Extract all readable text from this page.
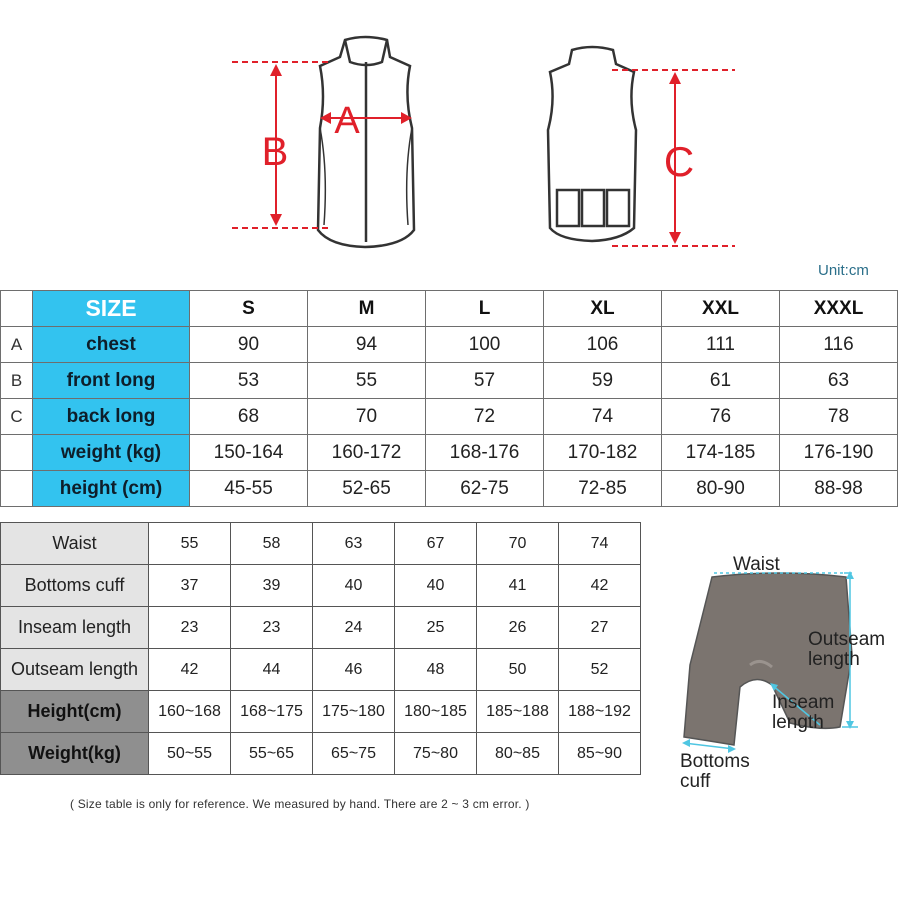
B
A
C
Unit:cm
	SIZE	S	M	L	XL	XXL	XXXL
A	chest	90	94	100	106	111	116
B	front long	53	55	57	59	61	63
C	back long	68	70	72	74	76	78
	weight (kg)	150-164	160-172	168-176	170-182	174-185	176-190
	height (cm)	45-55	52-65	62-75	72-85	80-90	88-98
Waist	55	58	63	67	70	74
Bottoms cuff	37	39	40	40	41	42
Inseam length	23	23	24	25	26	27
Outseam length	42	44	46	48	50	52
Height(cm)	160~168	168~175	175~180	180~185	185~188	188~192
Weight(kg)	50~55	55~65	65~75	75~80	80~85	85~90
Waist
Outseam
length
Inseam
length
Bottoms
cuff
( Size table is only for reference. We measured by hand. There are 2 ~ 3 cm error. )
